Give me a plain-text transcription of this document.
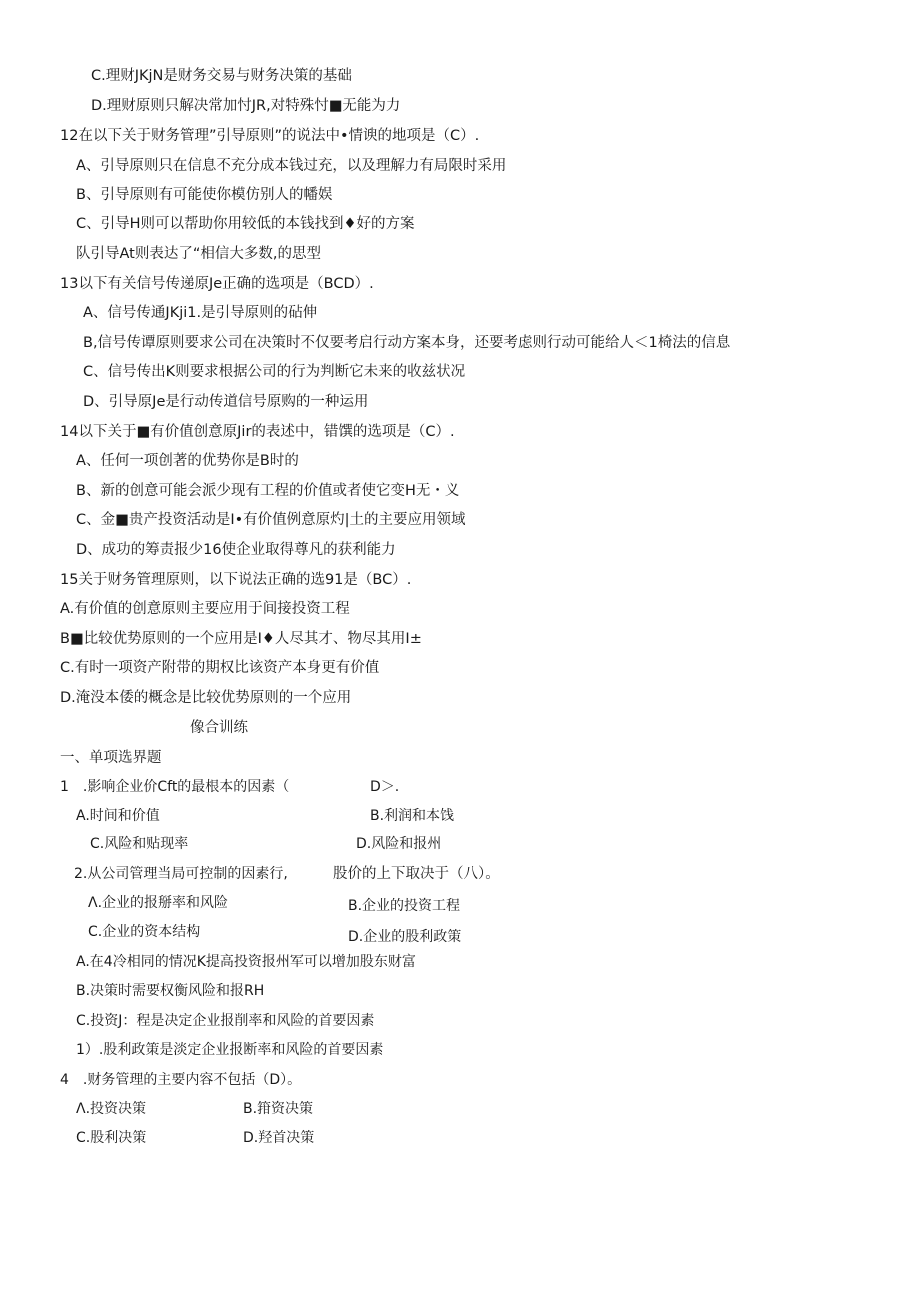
C.理财JKjN是财务交易与财务决策的基础
D.理财原则只解决常加忖JR,对特殊忖■无能为力
12在以下关于财务管理”引导原则”的说法中•情谀的地项是（C）.
A、引导原则只在信息不充分成本钱过充，以及理解力有局限时采用
B、引导原则有可能使你模仿别人的幡娱
C、引导H则可以帮助你用较低的本钱找到♦好的方案
队引导At则表达了“相信大多数,的思型
13以下有关信号传递原Je正确的选项是（BCD）.
A、信号传通JKji1.是引导原则的砧伸
B,信号传谭原则要求公司在决策时不仅要考启行动方案本身，还要考虑则行动可能给人＜1椅法的信息
C、信号传出K则要求根据公司的行为判断它未来的收兹状况
D、引导原Je是行动传道信号原购的一种运用
14以下关于■有价值创意原Jir的表述中，错馔的选项是（C）.
A、任何一项创著的优势你是B时的
B、新的创意可能会派少现有工程的价值或者使它变H无・义
C、金■贵产投资活动是I•有价值例意原灼|土的主要应用领域
D、成功的筹责报少16使企业取得尊凡的获利能力
15关于财务管理原则，以下说法正确的选91是（BC）.
A.有价值的创意原则主要应用于间接投资工程
B■比较优势原则的一个应用是I♦人尽其才、物尽其用I±
C.有时一项资产附带的期权比该资产本身更有价值
D.淹没本倭的概念是比较优势原则的一个应用
像合训练
一、单项选界题
1　.影响企业价Cft的最根本的因素（	D＞.
A.时间和价值	B.利润和本饯
C.风险和贴现率	D.风险和报州
2.从公司管理当局可控制的因素行,	股价的上下取决于（八）。
Λ.企业的报掰率和风险	B.企业的投资工程
C.企业的资本结构	D.企业的股利政策
A.在4冷相同的情况K提高投资报州军可以增加股东财富
B.决策时需要权衡风险和报RH
C.投资J：程是决定企业报削率和风险的首要因素
1）.股利政策是淡定企业报断率和风险的首要因素
4　.财务管理的主要内容不包括（D）。
Λ.投资决策	B.箝资决策
C.股利决策	D.羟首决策
